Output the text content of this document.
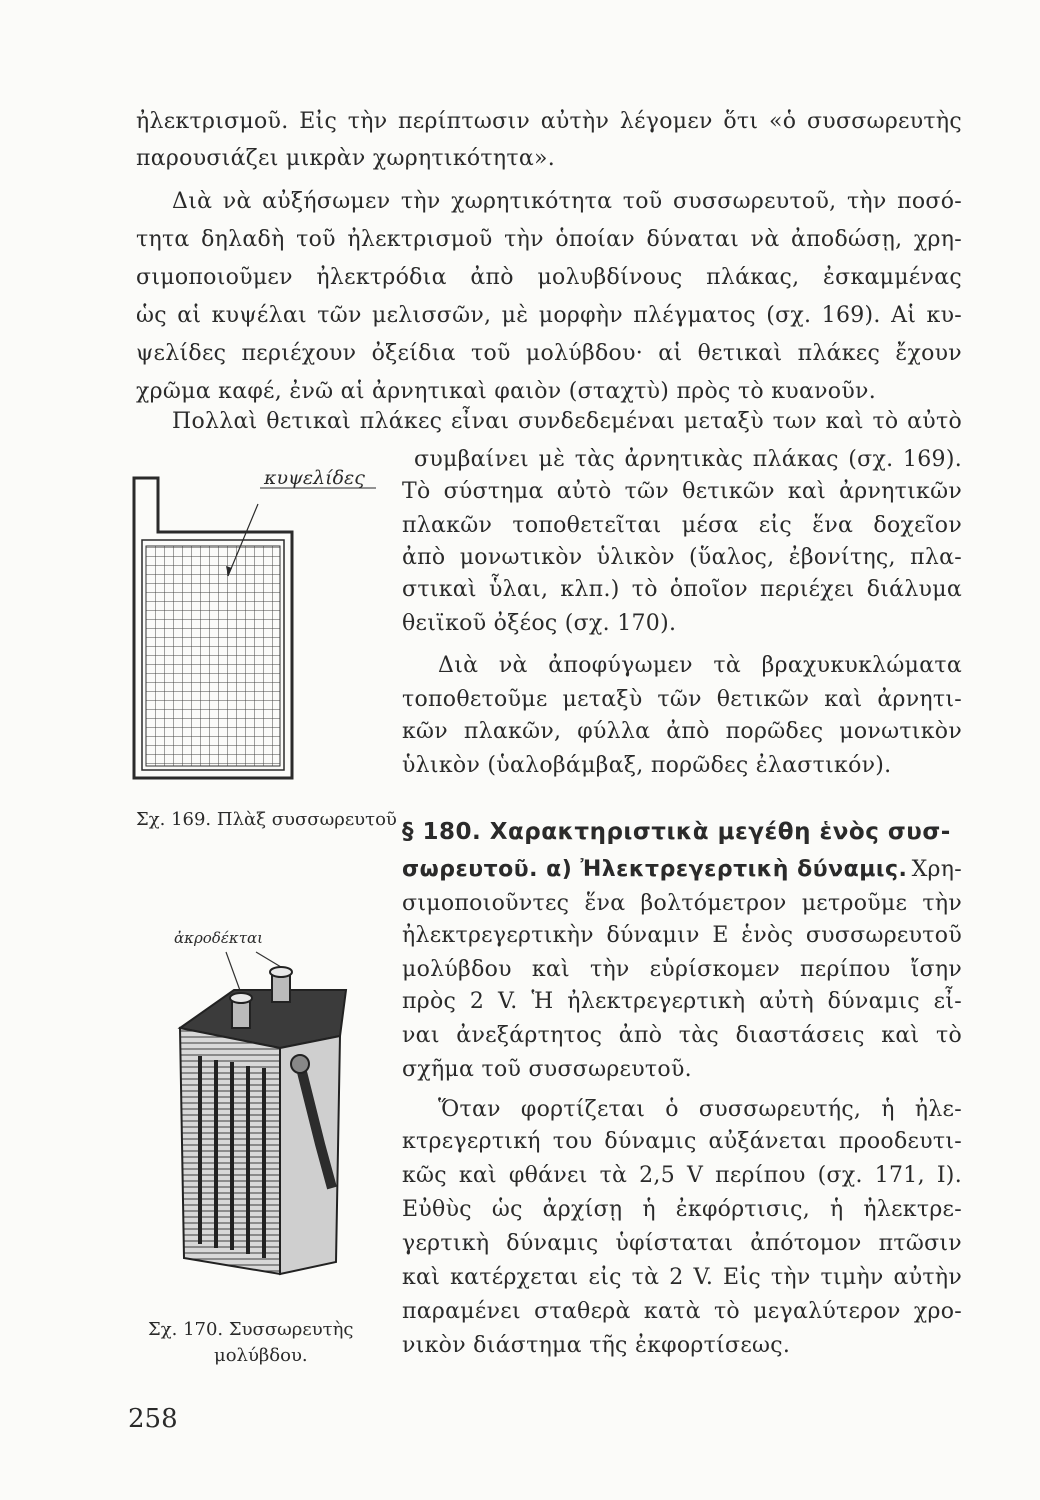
ἠλεκτρισμοῦ. Εἰς τὴν περίπτωσιν αὐτὴν λέγομεν ὅτι «ὁ συσσωρευτὴς
παρουσιάζει μικρὰν χωρητικότητα».
Διὰ νὰ αὐξήσωμεν τὴν χωρητικότητα τοῦ συσσωρευτοῦ, τὴν ποσό-
τητα δηλαδὴ τοῦ ἠλεκτρισμοῦ τὴν ὁποίαν δύναται νὰ ἀποδώσῃ, χρη-
σιμοποιοῦμεν ἠλεκτρόδια ἀπὸ μολυβδίνους πλάκας, ἐσκαμμένας
ὡς αἱ κυψέλαι τῶν μελισσῶν, μὲ μορφὴν πλέγματος (σχ. 169). Αἱ κυ-
ψελίδες περιέχουν ὀξείδια τοῦ μολύβδου· αἱ θετικαὶ πλάκες ἔχουν
χρῶμα καφέ, ἐνῶ αἱ ἀρνητικαὶ φαιὸν (σταχτὺ) πρὸς τὸ κυανοῦν.
Πολλαὶ θετικαὶ πλάκες εἶναι συνδεδεμέναι μεταξὺ των καὶ τὸ αὐτὸ
συμβαίνει μὲ τὰς ἀρνητικὰς πλάκας (σχ. 169).
Τὸ σύστημα αὐτὸ τῶν θετικῶν καὶ ἀρνητικῶν
πλακῶν τοποθετεῖται μέσα εἰς ἕνα δοχεῖον
ἀπὸ μονωτικὸν ὑλικὸν (ὕαλος, ἐβονίτης, πλα-
στικαὶ ὗλαι, κλπ.) τὸ ὁποῖον περιέχει διάλυμα
θειϊκοῦ ὀξέος (σχ. 170).
Διὰ νὰ ἀποφύγωμεν τὰ βραχυκυκλώματα
τοποθετοῦμε μεταξὺ τῶν θετικῶν καὶ ἀρνητι-
κῶν πλακῶν, φύλλα ἀπὸ πορῶδες μονωτικὸν
ὑλικὸν (ὑαλοβάμβαξ, πορῶδες ἐλαστικόν).
§ 180. Χαρακτηριστικὰ μεγέθη ἑνὸς συσ-
σωρευτοῦ. α) Ἠλεκτρεγερτικὴ δύναμις. Χρη-
σιμοποιοῦντες ἕνα βολτόμετρον μετροῦμε τὴν
ἠλεκτρεγερτικὴν δύναμιν Ε ἑνὸς συσσωρευτοῦ
μολύβδου καὶ τὴν εὑρίσκομεν περίπου ἴσην
πρὸς 2 V. Ἡ ἠλεκτρεγερτικὴ αὐτὴ δύναμις εἶ-
ναι ἀνεξάρτητος ἀπὸ τὰς διαστάσεις καὶ τὸ
σχῆμα τοῦ συσσωρευτοῦ.
Ὅταν φορτίζεται ὁ συσσωρευτής, ἡ ἠλε-
κτρεγερτική του δύναμις αὐξάνεται προοδευτι-
κῶς καὶ φθάνει τὰ 2,5 V περίπου (σχ. 171, Ι).
Εὐθὺς ὡς ἀρχίσῃ ἡ ἐκφόρτισις, ἡ ἠλεκτρε-
γερτικὴ δύναμις ὑφίσταται ἀπότομον πτῶσιν
καὶ κατέρχεται εἰς τὰ 2 V. Εἰς τὴν τιμὴν αὐτὴν
παραμένει σταθερὰ κατὰ τὸ μεγαλύτερον χρο-
νικὸν διάστημα τῆς ἐκφορτίσεως.
κυψελίδες
Σχ. 169. Πλὰξ συσσωρευτοῦ
ἀκροδέκται
Σχ. 170. Συσσωρευτὴς
μολύβδου.
258
